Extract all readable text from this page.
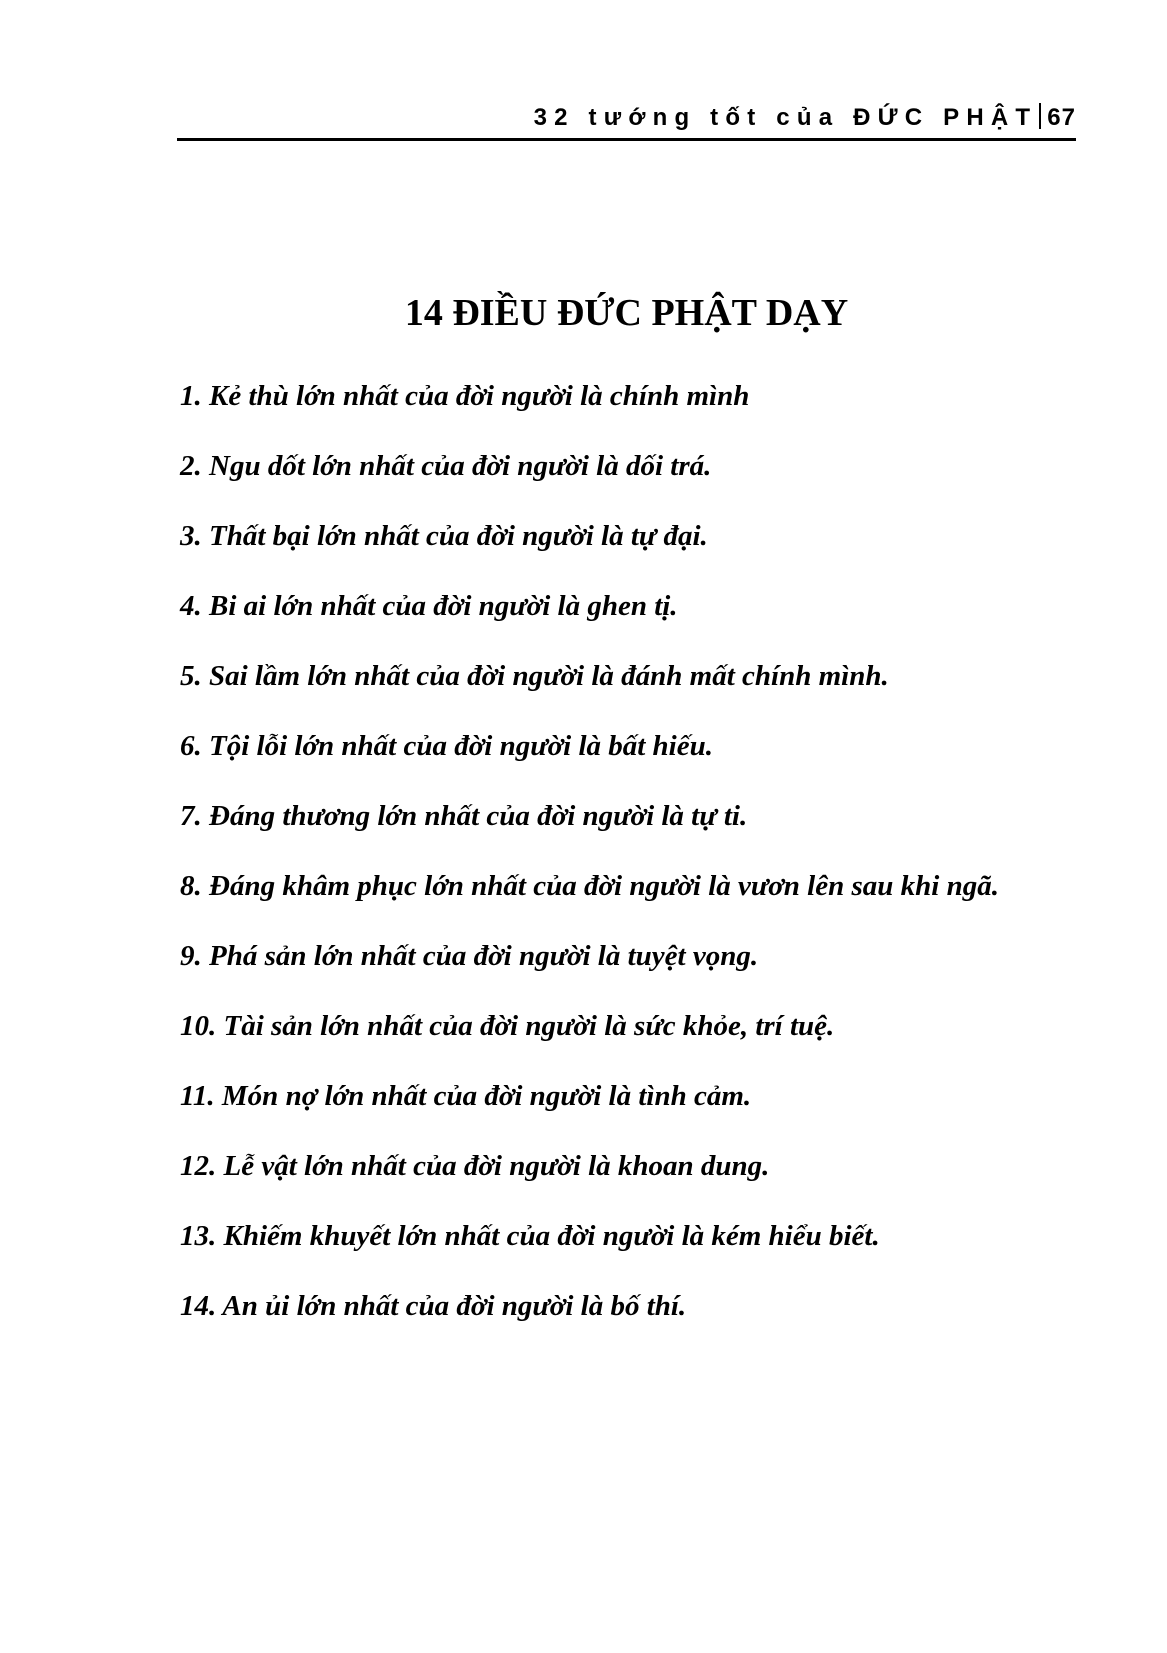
32 tướng tốt của ĐỨC PHẬT 67
14 ĐIỀU ĐỨC PHẬT DẠY
1. Kẻ thù lớn nhất của đời người là chính mình
2. Ngu dốt lớn nhất của đời người là dối trá.
3. Thất bại lớn nhất của đời người là tự đại.
4. Bi ai lớn nhất của đời người là ghen tị.
5. Sai lầm lớn nhất của đời người là đánh mất chính mình.
6. Tội lỗi lớn nhất của đời người là bất hiếu.
7. Đáng thương lớn nhất của đời người là tự ti.
8. Đáng khâm phục lớn nhất của đời người là vươn lên sau khi ngã.
9. Phá sản lớn nhất của đời người là tuyệt vọng.
10. Tài sản lớn nhất của đời người là sức khỏe, trí tuệ.
11. Món nợ lớn nhất của đời người là tình cảm.
12. Lễ vật lớn nhất của đời người là khoan dung.
13. Khiếm khuyết lớn nhất của đời người là kém hiểu biết.
14. An ủi lớn nhất của đời người là bố thí.
